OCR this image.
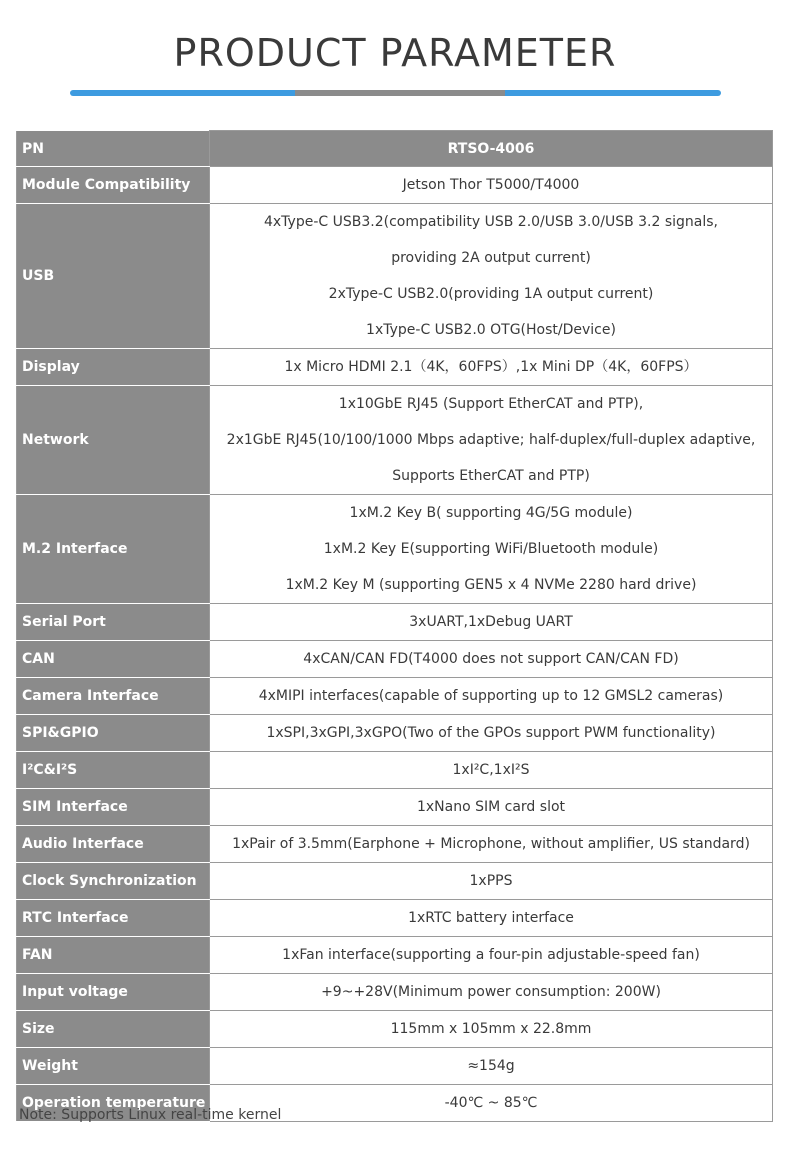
PRODUCT PARAMETER
PN	RTSO-4006
Module Compatibility	Jetson Thor T5000/T4000

USB	4xType-C USB3.2(compatibility USB 2.0/USB 3.0/USB 3.2 signals,
providing 2A output current)
2xType-C USB2.0(providing 1A output current)
1xType-C USB2.0 OTG(Host/Device)

Display	1x Micro HDMI 2.1（4K，60FPS）,1x Mini DP（4K，60FPS）

Network	1x10GbE RJ45 (Support EtherCAT and PTP),
2x1GbE RJ45(10/100/1000 Mbps adaptive; half-duplex/full-duplex adaptive,
Supports EtherCAT and PTP)

M.2 Interface	1xM.2 Key B( supporting 4G/5G module)
1xM.2 Key E(supporting WiFi/Bluetooth module)
1xM.2 Key M (supporting GEN5 x 4 NVMe 2280 hard drive)

Serial Port	3xUART,1xDebug UART

CAN	4xCAN/CAN FD(T4000 does not support CAN/CAN FD)

Camera Interface	4xMIPI interfaces(capable of supporting up to 12 GMSL2 cameras)

SPI&GPIO	1xSPI,3xGPI,3xGPO(Two of the GPOs support PWM functionality)

I²C&I²S	1xI²C,1xI²S

SIM Interface	1xNano SIM card slot

Audio Interface	1xPair of 3.5mm(Earphone + Microphone, without amplifier, US standard)

Clock Synchronization	1xPPS

RTC Interface	1xRTC battery interface

FAN	1xFan interface(supporting a four-pin adjustable-speed fan)

Input voltage	+9~+28V(Minimum power consumption: 200W)

Size	115mm x 105mm x 22.8mm

Weight	≈154g

Operation temperature	-40℃ ~ 85℃
Note: Supports Linux real-time kernel
